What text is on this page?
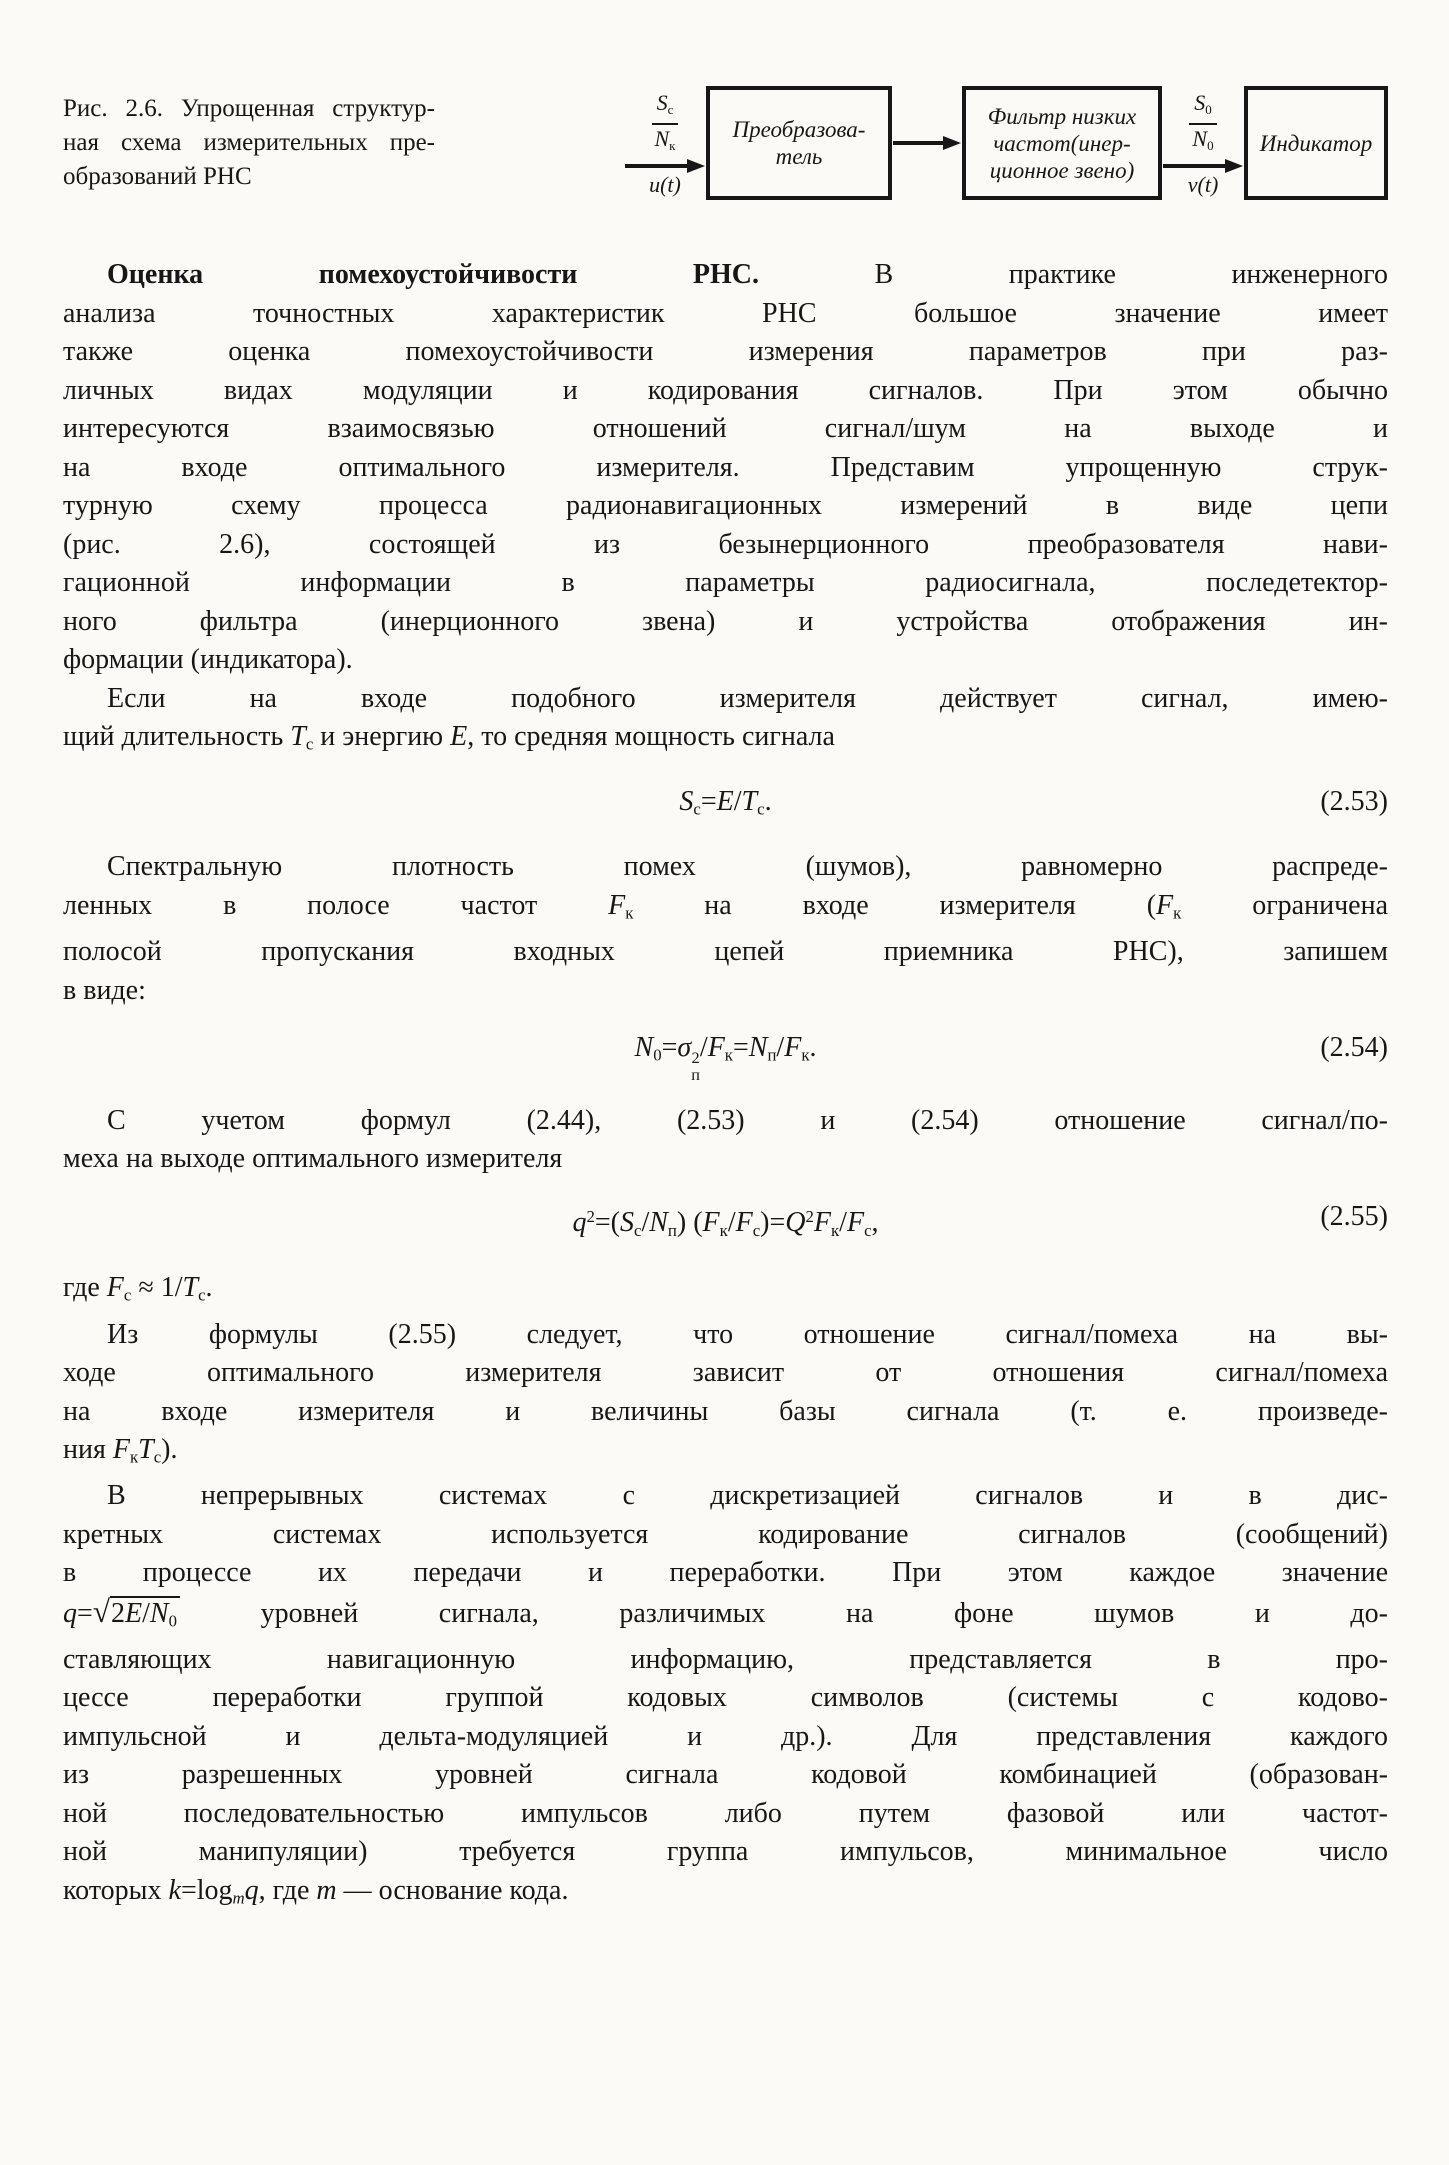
Рис. 2.6. Упрощенная структур-
ная схема измерительных пре-
образований РНС
$\frac{Sс}{Nк}$
u(t)
Преобразова-
тель
Фильтр низких
частот(инер-
ционное звено)
$\frac{S0}{N0}$
v(t)
Индикатор
Оценка помехоустойчивости РНС. В практике инженерного
анализа точностных характеристик РНС большое значение имеет
также оценка помехоустойчивости измерения параметров при раз-
личных видах модуляции и кодирования сигналов. При этом обычно
интересуются взаимосвязью отношений сигнал/шум на выходе и
на входе оптимального измерителя. Представим упрощенную струк-
турную схему процесса радионавигационных измерений в виде цепи
(рис. 2.6), состоящей из безынерционного преобразователя нави-
гационной информации в параметры радиосигнала, последетектор-
ного фильтра (инерционного звена) и устройства отображения ин-
формации (индикатора).
Если на входе подобного измерителя действует сигнал, имею-
щий длительность Tс и энергию E, то средняя мощность сигнала
Sс=E/Tс.	(2.53)
Спектральную плотность помех (шумов), равномерно распреде-
ленных в полосе частот Fк на входе измерителя (Fк ограничена
полосой пропускания входных цепей приемника РНС), запишем
в виде:
N0=σ 2
п
/Fк=Nп/Fк.	(2.54)
С учетом формул (2.44), (2.53) и (2.54) отношение сигнал/по-
меха на выходе оптимального измерителя
$q^2=(Sс/Nп)$ $(Fк/Fс)=Q^2Fк/Fс$,	(2.55)
где Fс ≈ 1/Tс.
Из формулы (2.55) следует, что отношение сигнал/помеха на вы-
ходе оптимального измерителя зависит от отношения сигнал/помеха
на входе измерителя и величины базы сигнала (т. е. произведе-
ния FкTс).
В непрерывных системах с дискретизацией сигналов и в дис-
кретных системах используется кодирование сигналов (сообщений)
в процессе их передачи и переработки. При этом каждое значение
q=√2E/N0 уровней сигнала, различимых на фоне шумов и до-
ставляющих навигационную информацию, представляется в про-
цессе переработки группой кодовых символов (системы с кодово-
импульсной и дельта-модуляцией и др.). Для представления каждого
из разрешенных уровней сигнала кодовой комбинацией (образован-
ной последовательностью импульсов либо путем фазовой или частот-
ной манипуляции) требуется группа импульсов, минимальное число
которых k=logmq, где m — основание кода.
